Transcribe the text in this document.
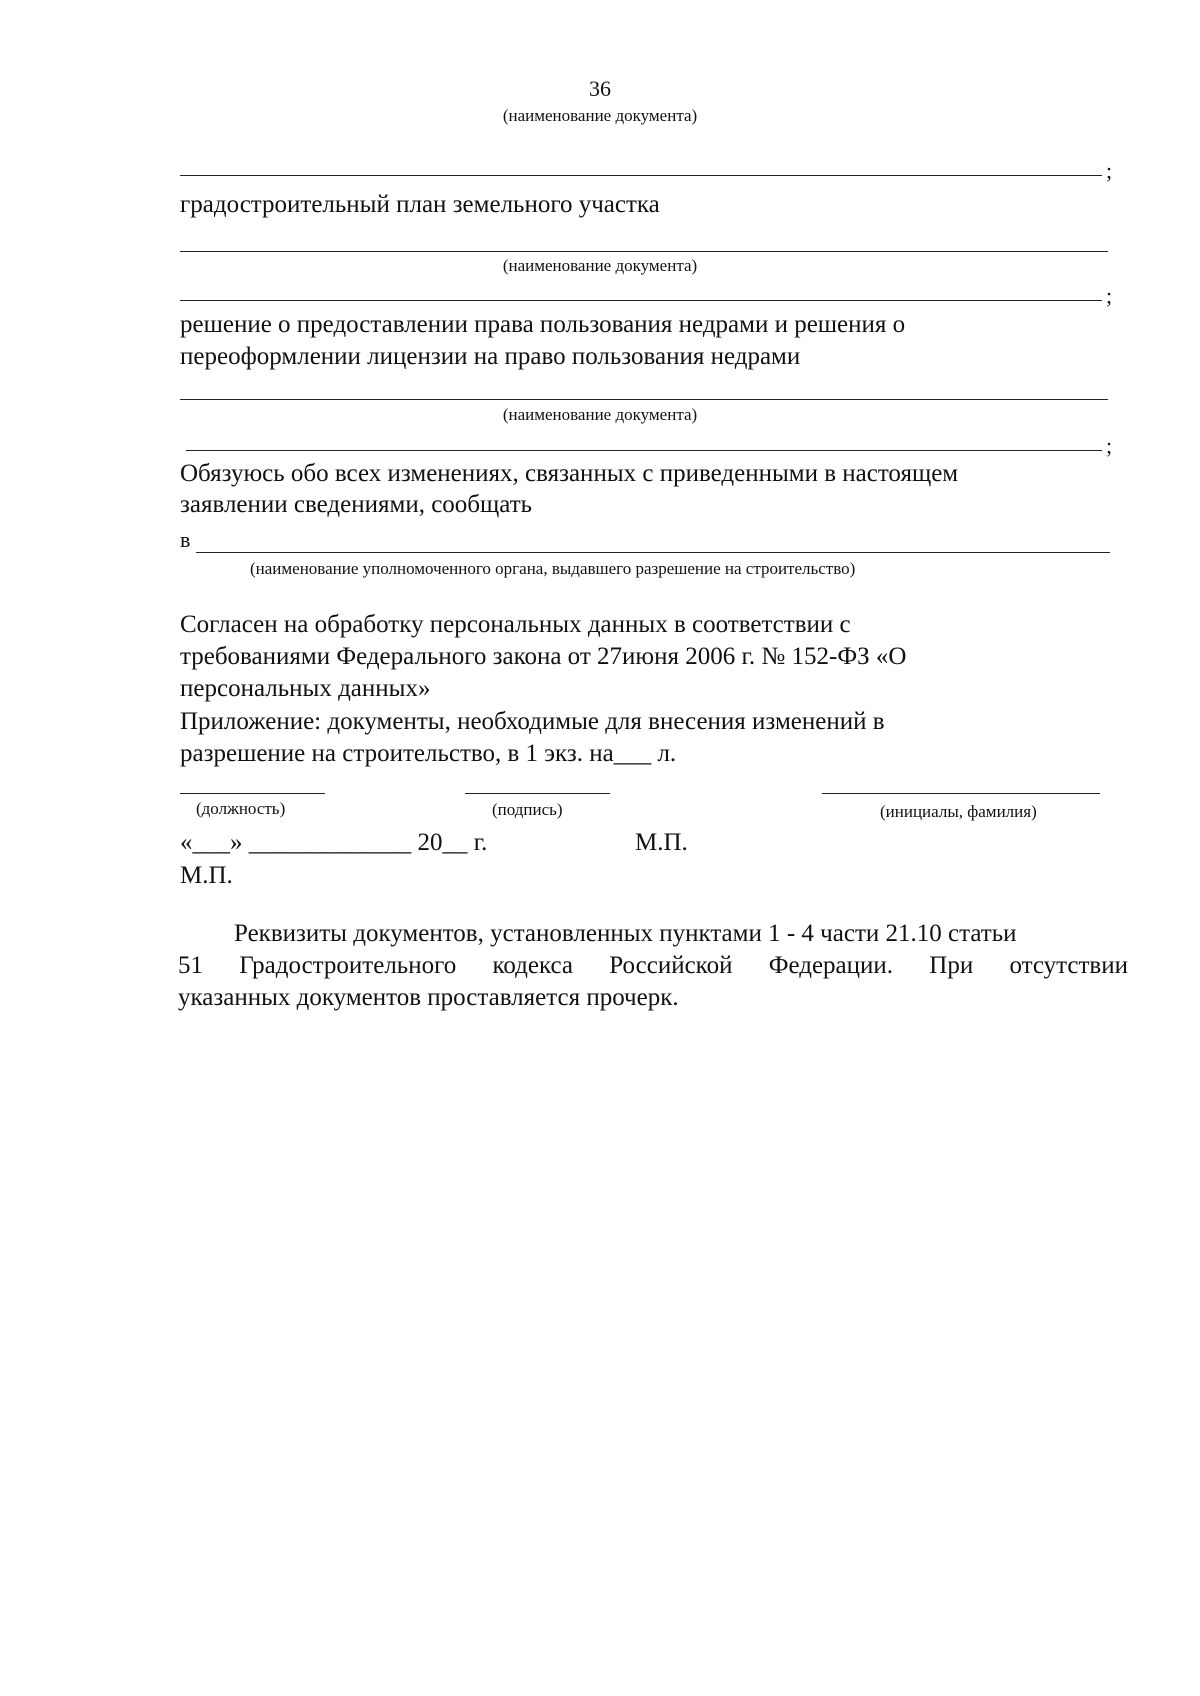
36
(наименование документа)
;
градостроительный план земельного участка
(наименование документа)
;
решение о предоставлении права пользования недрами и решения о
переоформлении лицензии на право пользования недрами
(наименование документа)
;
Обязуюсь обо всех изменениях, связанных с приведенными в настоящем
заявлении сведениями, сообщать
в
(наименование уполномоченного органа, выдавшего разрешение на строительство)
Согласен на обработку персональных данных в соответствии с
требованиями Федерального закона от 27июня 2006 г. № 152-ФЗ «О
персональных данных»
Приложение: документы, необходимые для внесения изменений в
разрешение на строительство, в 1 экз. на___ л.
(должность)	(подпись)	(инициалы, фамилия)
«___» _____________ 20__ г.	М.П.
М.П.
Реквизиты документов, установленных пунктами 1 - 4 части 21.10 статьи
51 Градостроительного кодекса Российской Федерации. При отсутствии
указанных документов проставляется прочерк.
